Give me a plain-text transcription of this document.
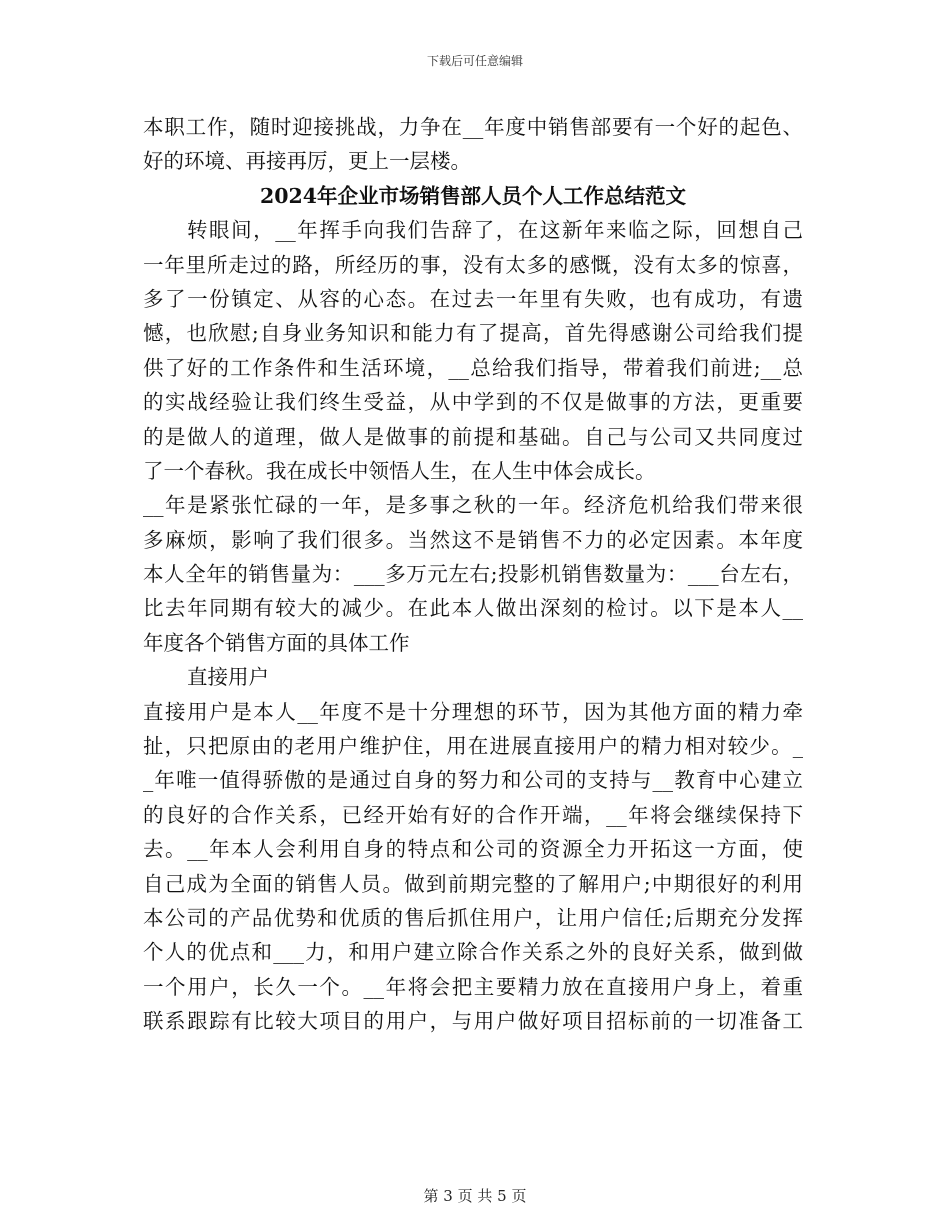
下载后可任意编辑
本职工作，随时迎接挑战，力争在__年度中销售部要有一个好的起色、
好的环境、再接再厉，更上一层楼。
2024年企业市场销售部人员个人工作总结范文
转眼间，__年挥手向我们告辞了，在这新年来临之际，回想自己
一年里所走过的路，所经历的事，没有太多的感慨，没有太多的惊喜，
多了一份镇定、从容的心态。在过去一年里有失败，也有成功，有遗
憾，也欣慰;自身业务知识和能力有了提高，首先得感谢公司给我们提
供了好的工作条件和生活环境，__总给我们指导，带着我们前进;__总
的实战经验让我们终生受益，从中学到的不仅是做事的方法，更重要
的是做人的道理，做人是做事的前提和基础。自己与公司又共同度过
了一个春秋。我在成长中领悟人生，在人生中体会成长。
__年是紧张忙碌的一年，是多事之秋的一年。经济危机给我们带来很
多麻烦，影响了我们很多。当然这不是销售不力的必定因素。本年度
本人全年的销售量为：___多万元左右;投影机销售数量为：___台左右，
比去年同期有较大的减少。在此本人做出深刻的检讨。以下是本人__
年度各个销售方面的具体工作
直接用户
直接用户是本人__年度不是十分理想的环节，因为其他方面的精力牵
扯，只把原由的老用户维护住，用在进展直接用户的精力相对较少。_
_年唯一值得骄傲的是通过自身的努力和公司的支持与__教育中心建立
的良好的合作关系，已经开始有好的合作开端，__年将会继续保持下
去。__年本人会利用自身的特点和公司的资源全力开拓这一方面，使
自己成为全面的销售人员。做到前期完整的了解用户;中期很好的利用
本公司的产品优势和优质的售后抓住用户，让用户信任;后期充分发挥
个人的优点和___力，和用户建立除合作关系之外的良好关系，做到做
一个用户，长久一个。__年将会把主要精力放在直接用户身上，着重
联系跟踪有比较大项目的用户，与用户做好项目招标前的一切准备工
第 3 页 共 5 页
